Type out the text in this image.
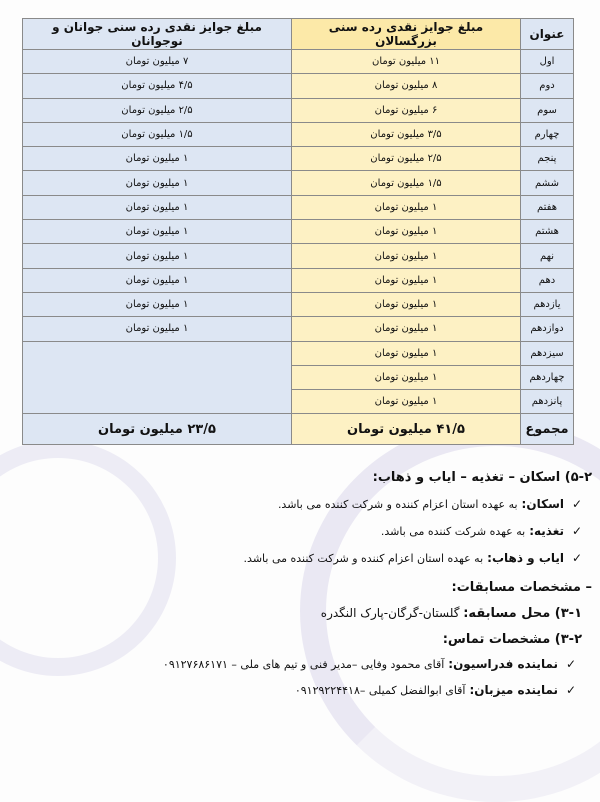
عنوان	مبلغ جوایز نقدی رده سنی بزرگسالان	مبلغ جوایز نقدی رده سنی جوانان و نوجوانان
اول	۱۱ میلیون تومان	۷ میلیون تومان
دوم	۸ میلیون تومان	۴/۵ میلیون تومان
سوم	۶ میلیون تومان	۲/۵ میلیون تومان
چهارم	۳/۵ میلیون تومان	۱/۵ میلیون تومان
پنجم	۲/۵ میلیون تومان	۱ میلیون تومان
ششم	۱/۵ میلیون تومان	۱ میلیون تومان
هفتم	۱ میلیون تومان	۱ میلیون تومان
هشتم	۱ میلیون تومان	۱ میلیون تومان
نهم	۱ میلیون تومان	۱ میلیون تومان
دهم	۱ میلیون تومان	۱ میلیون تومان
یازدهم	۱ میلیون تومان	۱ میلیون تومان
دوازدهم	۱ میلیون تومان	۱ میلیون تومان
سیزدهم	۱ میلیون تومان	
چهاردهم	۱ میلیون تومان	
پانزدهم	۱ میلیون تومان	
مجموع	۴۱/۵ میلیون تومان	۲۳/۵ میلیون تومان
۵-۲) اسکان – تغذیه – ایاب و ذهاب:
✓
اسکان:
به عهده استان اعزام کننده و شرکت کننده می باشد.
✓
تغذیه:
به عهده شرکت کننده می باشد.
✓
ایاب و ذهاب:
به عهده استان اعزام کننده و شرکت کننده می باشد.
– مشخصات مسابقات:
۳-۱) محل مسابقه: گلستان-گرگان-پارک النگدره
۳-۲) مشخصات تماس:
✓
نماینده فدراسیون:
آقای محمود وفایی –مدیر فنی و تیم های ملی – ۰۹۱۲۷۶۸۶۱۷۱
✓
نماینده میزبان:
آقای ابوالفضل کمیلی –۰۹۱۲۹۲۲۴۴۱۸
